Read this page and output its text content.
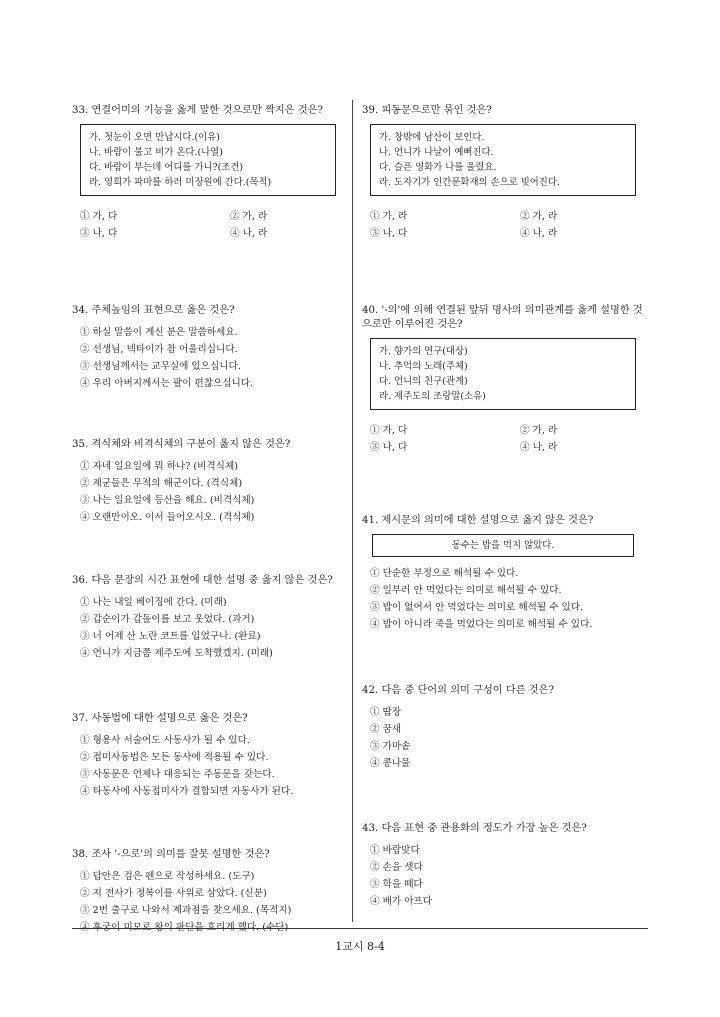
33. 연결어미의 기능을 옳게 말한 것으로만 짝지은 것은?

가. 첫눈이 오면 만납시다.(이유)
나. 바람이 불고 비가 온다.(나열)
다. 바람이 부는데 어디를 가니?(조건)
라. 영희가 파마를 하러 미장원에 간다.(목적)
① 가, 다	② 가, 라
③ 나, 다	④ 나, 라

34. 주체높임의 표현으로 옳은 것은?

① 하실 말씀이 계신 분은 말씀하세요.
② 선생님, 넥타이가 참 어울리십니다.
③ 선생님께서는 교무실에 있으십니다.
④ 우리 아버지께서는 팔이 편찮으십니다.

35. 격식체와 비격식체의 구분이 옳지 않은 것은?

① 자네 일요일에 뭐 하나? (비격식체)
② 제군들은 무적의 해군이다. (격식체)
③ 나는 일요일에 등산을 해요. (비격식체)
④ 오랜만이오. 이서 들어오시오. (격식체)

36. 다음 문장의 시간 표현에 대한 설명 중 옳지 않은 것은?

① 나는 내일 베이징에 간다. (미래)
② 갑순이가 갑돌이를 보고 웃었다. (과거)
③ 너 어제 산 노란 코트를 입었구나. (완료)
④ 언니가 지금쯤 제주도에 도착했겠지. (미래)

37. 사동법에 대한 설명으로 옳은 것은?

① 형용사 서술어도 사동사가 될 수 있다.
② 접미사동법은 모든 동사에 적용될 수 있다.
③ 사동문은 언제나 대응되는 주동문을 갖는다.
④ 타동사에 사동접미사가 결합되면 자동사가 된다.

38. 조사 '-으로'의 의미를 잘못 설명한 것은?

① 답안은 검은 펜으로 작성하세요. (도구)
② 저 전사가 정복이를 사위로 삼았다. (신분)
③ 2번 출구로 나와서 제과점을 찾으세요. (목적지)

39. 피동문으로만 묶인 것은?

가. 창밖에 남산이 보인다.
나. 언니가 나날이 예뻐진다.
다. 슬픈 영화가 나를 울렸요.
라. 도자기가 인간문화재의 손으로 빚어진다.
① 가, 라	② 가, 라
③ 나, 다	④ 나, 라

40. '-의'에 의해 연결된 앞뒤 명사의 의미관계를 옳게 설명한 것으로만 이루어진 것은?

가. 향가의 연구(대상)
나. 추억의 노래(주체)
다. 언니의 친구(관계)
라. 제주도의 조랑말(소유)
① 가, 다	② 가, 라
③ 나, 다	④ 나, 라

41. 제시문의 의미에 대한 설명으로 옳지 않은 것은?

동수는 밥을 먹지 않았다.
① 단순한 부정으로 해석될 수 있다.
② 일부러 안 먹었다는 의미로 해석될 수 있다.
③ 밥이 없어서 안 먹었다는 의미로 해석될 수 있다.
④ 밥이 아니라 죽을 먹었다는 의미로 해석될 수 있다.

42. 다음 중 단어의 의미 구성이 다른 것은?

① 땀장
② 꿈새
③ 가마솥
④ 콩나물

43. 다음 표현 중 관용화의 정도가 가장 높은 것은?

① 바람맞다
② 손을 셋다
③ 학을 떼다
④ 배가 아프다
1교시 8-4
